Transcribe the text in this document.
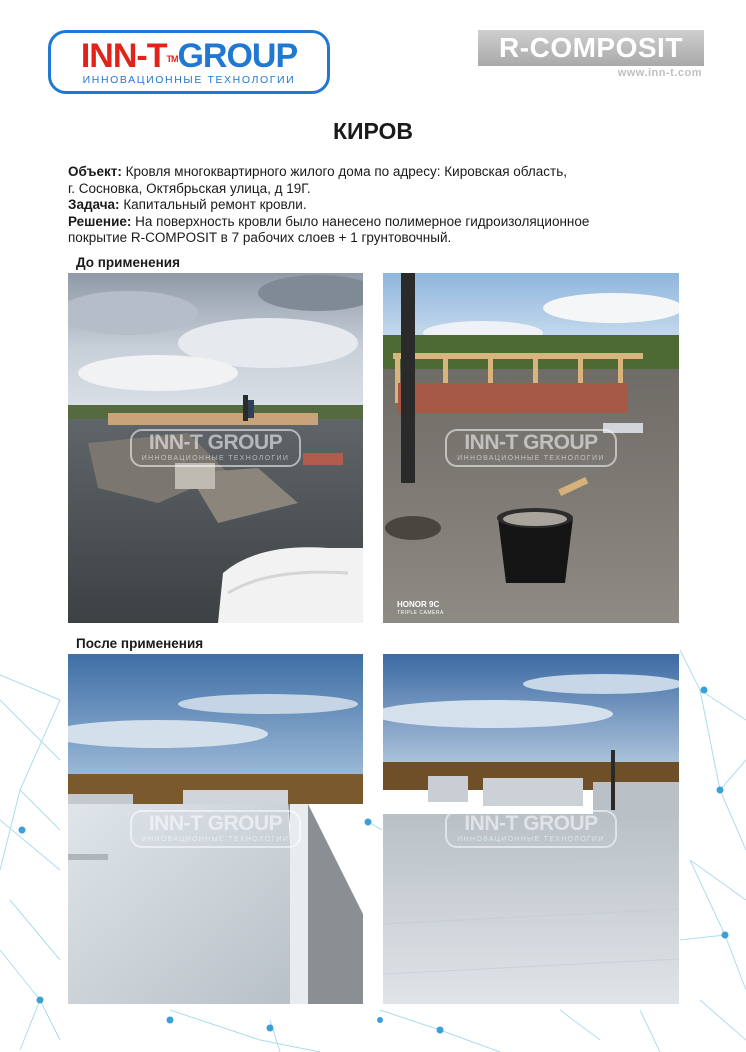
INN-T™GROUP
ИННОВАЦИОННЫЕ ТЕХНОЛОГИИ
R-COMPOSIT
www.inn-t.com
КИРОВ

Объект: Кровля многоквартирного жилого дома по адресу: Кировская область,

г. Сосновка, Октябрьская улица, д 19Г.

Задача: Капитальный ремонт кровли.

Решение: На поверхность кровли было нанесено полимерное гидроизоляционное

покрытие R-COMPOSIT в 7 рабочих слоев + 1 грунтовочный.

До применения
INN-T GROUP
ИННОВАЦИОННЫЕ ТЕХНОЛОГИИ
INN-T GROUP
ИННОВАЦИОННЫЕ ТЕХНОЛОГИИ
HONOR 9C
TRIPLE CAMERA
После применения
INN-T GROUP
ИННОВАЦИОННЫЕ ТЕХНОЛОГИИ
INN-T GROUP
ИННОВАЦИОННЫЕ ТЕХНОЛОГИИ
